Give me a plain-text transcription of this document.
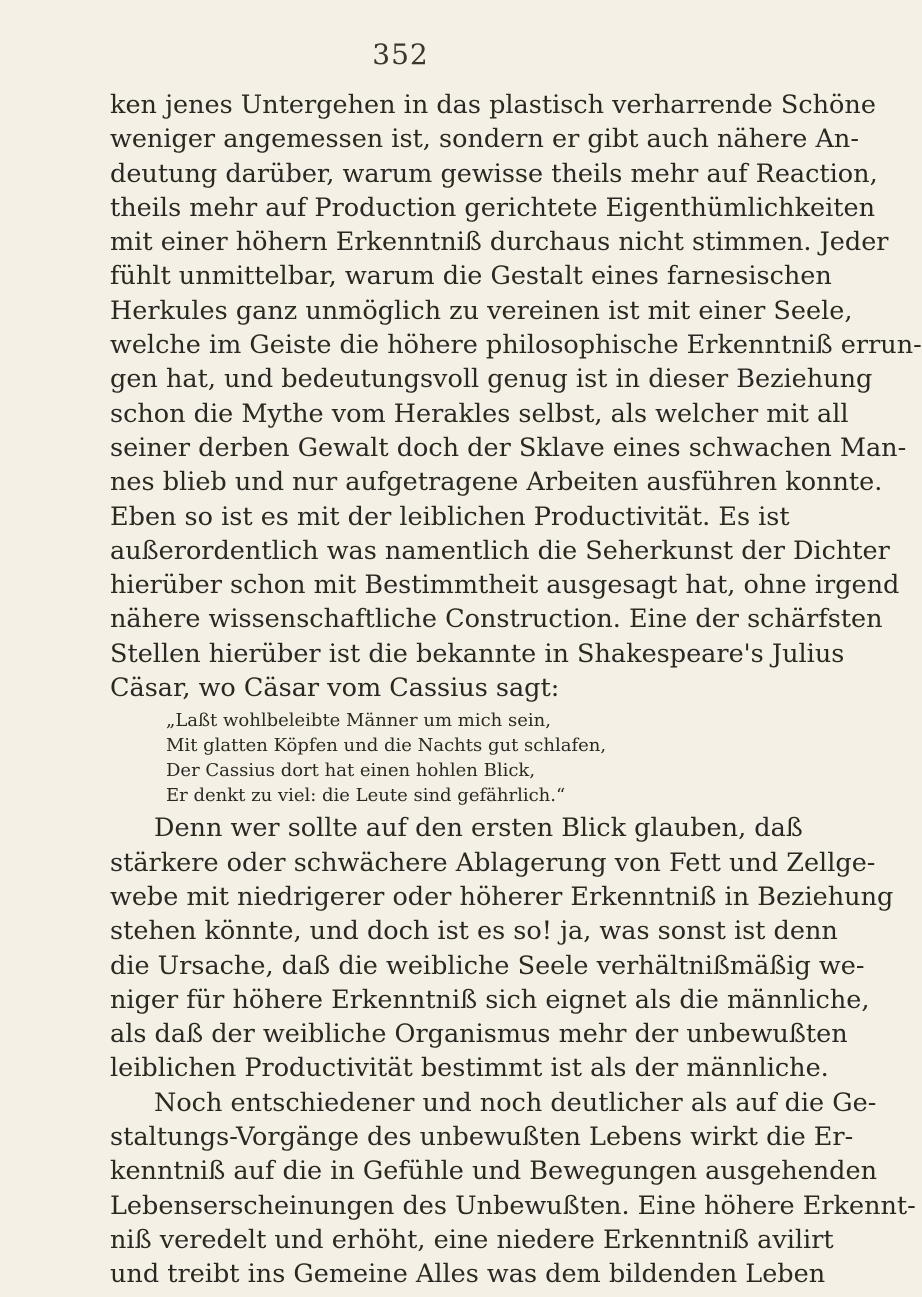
352
ken jenes Untergehen in das plastisch verharrende Schöne
weniger angemessen ist, sondern er gibt auch nähere An-
deutung darüber, warum gewisse theils mehr auf Reaction,
theils mehr auf Production gerichtete Eigenthümlichkeiten
mit einer höhern Erkenntniß durchaus nicht stimmen. Jeder
fühlt unmittelbar, warum die Gestalt eines farnesischen
Herkules ganz unmöglich zu vereinen ist mit einer Seele,
welche im Geiste die höhere philosophische Erkenntniß errun-
gen hat, und bedeutungsvoll genug ist in dieser Beziehung
schon die Mythe vom Herakles selbst, als welcher mit all
seiner derben Gewalt doch der Sklave eines schwachen Man-
nes blieb und nur aufgetragene Arbeiten ausführen konnte.
Eben so ist es mit der leiblichen Productivität. Es ist
außerordentlich was namentlich die Seherkunst der Dichter
hierüber schon mit Bestimmtheit ausgesagt hat, ohne irgend
nähere wissenschaftliche Construction. Eine der schärfsten
Stellen hierüber ist die bekannte in Shakespeare's Julius
Cäsar, wo Cäsar vom Cassius sagt:
„Laßt wohlbeleibte Männer um mich sein,
Mit glatten Köpfen und die Nachts gut schlafen,
Der Cassius dort hat einen hohlen Blick,
Er denkt zu viel: die Leute sind gefährlich.“
Denn wer sollte auf den ersten Blick glauben, daß
stärkere oder schwächere Ablagerung von Fett und Zellge-
webe mit niedrigerer oder höherer Erkenntniß in Beziehung
stehen könnte, und doch ist es so! ja, was sonst ist denn
die Ursache, daß die weibliche Seele verhältnißmäßig we-
niger für höhere Erkenntniß sich eignet als die männliche,
als daß der weibliche Organismus mehr der unbewußten
leiblichen Productivität bestimmt ist als der männliche.
Noch entschiedener und noch deutlicher als auf die Ge-
staltungs-Vorgänge des unbewußten Lebens wirkt die Er-
kenntniß auf die in Gefühle und Bewegungen ausgehenden
Lebenserscheinungen des Unbewußten. Eine höhere Erkennt-
niß veredelt und erhöht, eine niedere Erkenntniß avilirt
und treibt ins Gemeine Alles was dem bildenden Leben
